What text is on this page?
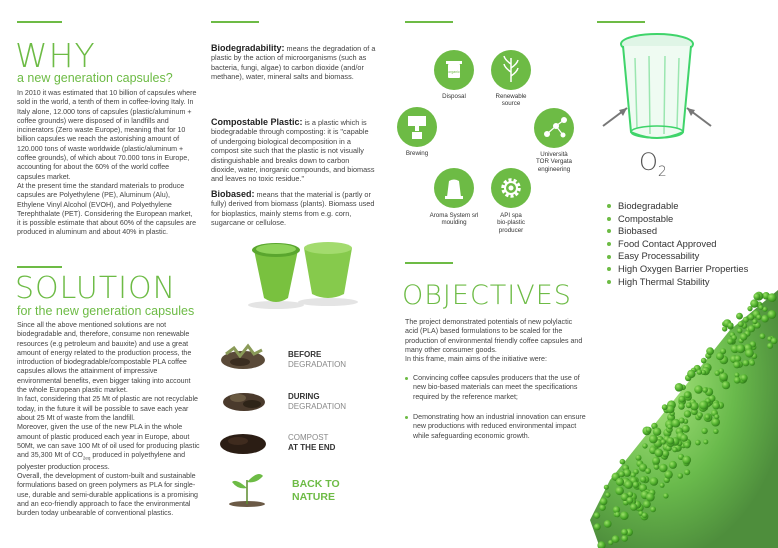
WHY
a new generation capsules?
In 2010 it was estimated that 10 billion of capsules where sold in the world, a tenth of them in coffee-loving Italy. In Italy alone, 12.000 tons of capsules (plastic/aluminum + coffee grounds) were disposed of in landfills and incinerators (Zero waste Europe), meaning that for 10 billion capsules we reach the astonishing amount of 120.000 tons of waste worldwide (plastic/aluminum + coffee grounds), of which about 70.000 tons in Europe, accounting for about the 60% of the world coffee capsules market.
At the present time the standard materials to produce capsules are Polyethylene (PE), Aluminum (Alu), Ethylene Vinyl Alcohol (EVOH), and Polyethylene Terephthalate (PET). Considering the European market, it is possible estimate that about 60% of the capsules are produced in aluminum and about 40% in plastic.
SOLUTION
for the new generation capsules
Since all the above mentioned solutions are not biodegradable and, therefore, consume non renewable resources (e.g petroleum and bauxite) and use a great amount of energy related to the production process, the introduction of biodegradable/compostable PLA coffee capsules allows the attainment of impressive environmental benefits, even bigger taking into account the whole European plastic market.
In fact, considering that 25 Mt of plastic are not recyclable today, in the future it will be possible to save each year about 25 Mt of waste from the landfill.
Moreover, given the use of the new PLA in the whole amount of plastic produced each year in Europe, about 50Mt, we can save 100 Mt of oil used for producing plastic and 35,300 Mt of $CO_{2eq}$ produced in polyethylene and polyester production process.
Overall, the development of custom-built and sustainable formulations based on green polymers as PLA for single-use, durable and semi-durable applications is a promising and an eco-friendly approach to face the environmental burden today unbearable of conventional plastics.
Biodegradability: means the degradation of a plastic by the action of microorganisms (such as bacteria, fungi, algae) to carbon dioxide (and/or methane), water, mineral salts and biomass.
Compostable Plastic: is a plastic which is biodegradable through composting: it is "capable of undergoing biological decomposition in a compost site such that the plastic is not visually distinguishable and breaks down to carbon dioxide, water, inorganic compounds, and biomass and leaves no toxic residue."
Biobased: means that the material is (partly or fully) derived from biomass (plants). Biomass used for bioplastics, mainly stems from e.g. corn, sugarcane or cellulose.
BEFORE
DEGRADATION
DURING
DEGRADATION
COMPOST
AT THE END
BACK TO
NATURE
organic
Disposal	Renewable
source
Brewing	Università
TOR Vergata
engineering
Aroma System srl
moulding
API spa
bio-plastic
producer
OBJECTIVES
The project demonstrated potentials of new polylactic acid (PLA) based formulations to be scaled for the production of environmental friendly coffee capsules and many other consumer goods.
In this frame, main aims of the initiative were:
Convincing coffee capsules producers that the use of new bio-based materials can meet the specifications required by the reference market;
Demonstrating how an industrial innovation can ensure new productions with reduced environmental impact while safeguarding economic growth.
$O_2$
Biodegradable
Compostable
Biobased
Food Contact Approved
Easy Processability
High Oxygen Barrier Properties
High Thermal Stability
